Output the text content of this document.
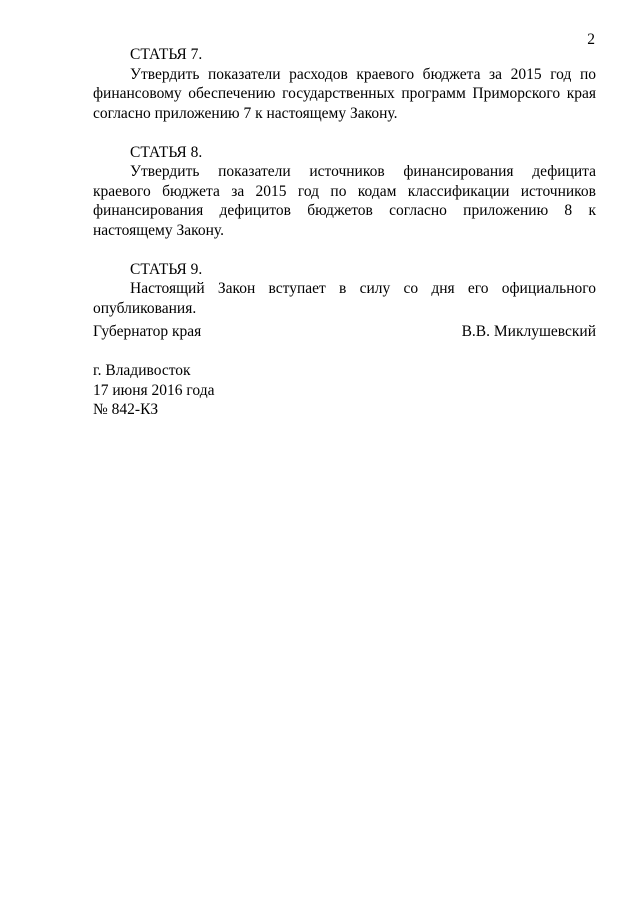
2

СТАТЬЯ 7.

Утвердить показатели расходов краевого бюджета за 2015 год по финансовому обеспечению государственных программ Приморского края согласно приложению 7 к настоящему Закону.

СТАТЬЯ 8.

Утвердить показатели источников финансирования дефицита краевого бюджета за 2015 год по кодам классификации источников финансирования дефицитов бюджетов согласно приложению 8 к настоящему Закону.

СТАТЬЯ 9.

Настоящий Закон вступает в силу со дня его официального опубликования.

Губернатор края	В.В. Миклушевский

г. Владивосток

17 июня 2016 года

№ 842-КЗ
